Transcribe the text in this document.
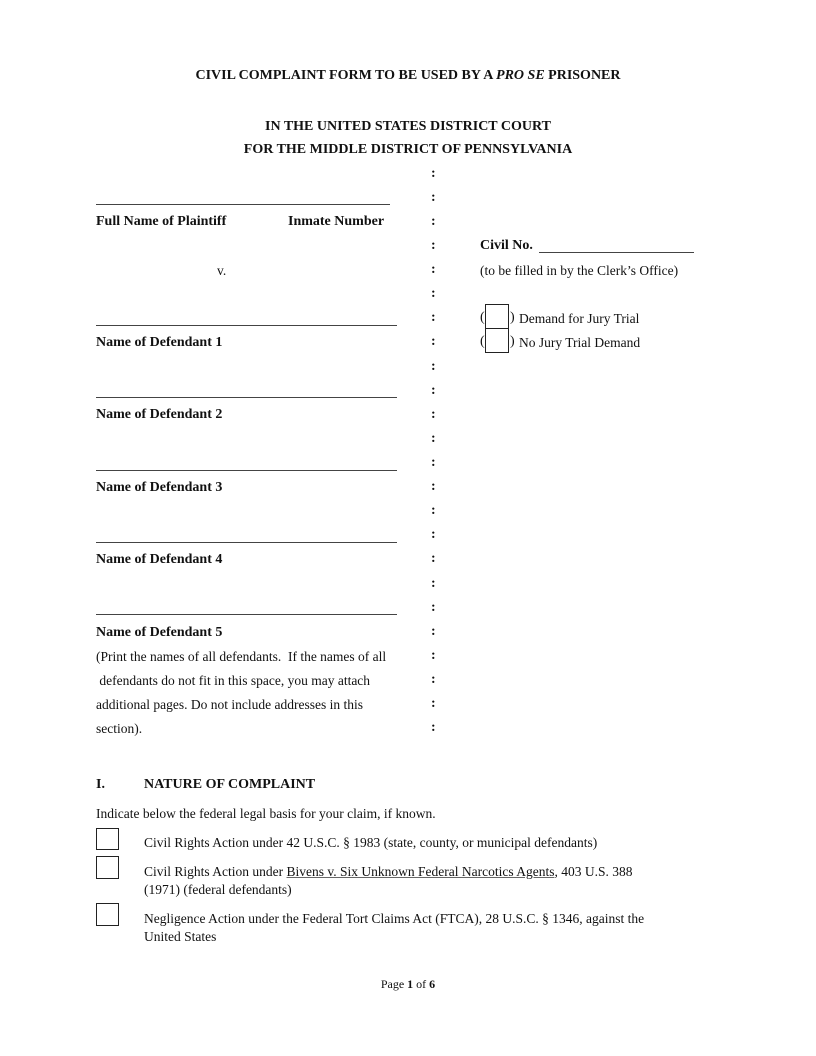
CIVIL COMPLAINT FORM TO BE USED BY A PRO SE PRISONER
IN THE UNITED STATES DISTRICT COURT
FOR THE MIDDLE DISTRICT OF PENNSYLVANIA
:
:
:
:
:
:
:
:
:
:
:
:
:
:
:
:
:
:
:
:
:
:
:
:
Full Name of Plaintiff	Inmate Number
v.
Name of Defendant 1
Name of Defendant 2
Name of Defendant 3
Name of Defendant 4
Name of Defendant 5
(Print the names of all defendants.  If the names of all
defendants do not fit in this space, you may attach
additional pages. Do not include addresses in this
section).
Civil No.
(to be filled in by the Clerk’s Office)
( ) Demand for Jury Trial
( ) No Jury Trial Demand
I.	NATURE OF COMPLAINT
Indicate below the federal legal basis for your claim, if known.
Civil Rights Action under 42 U.S.C. § 1983 (state, county, or municipal defendants)
Civil Rights Action under Bivens v. Six Unknown Federal Narcotics Agents, 403 U.S. 388
(1971) (federal defendants)
Negligence Action under the Federal Tort Claims Act (FTCA), 28 U.S.C. § 1346, against the
United States
Page 1 of 6
